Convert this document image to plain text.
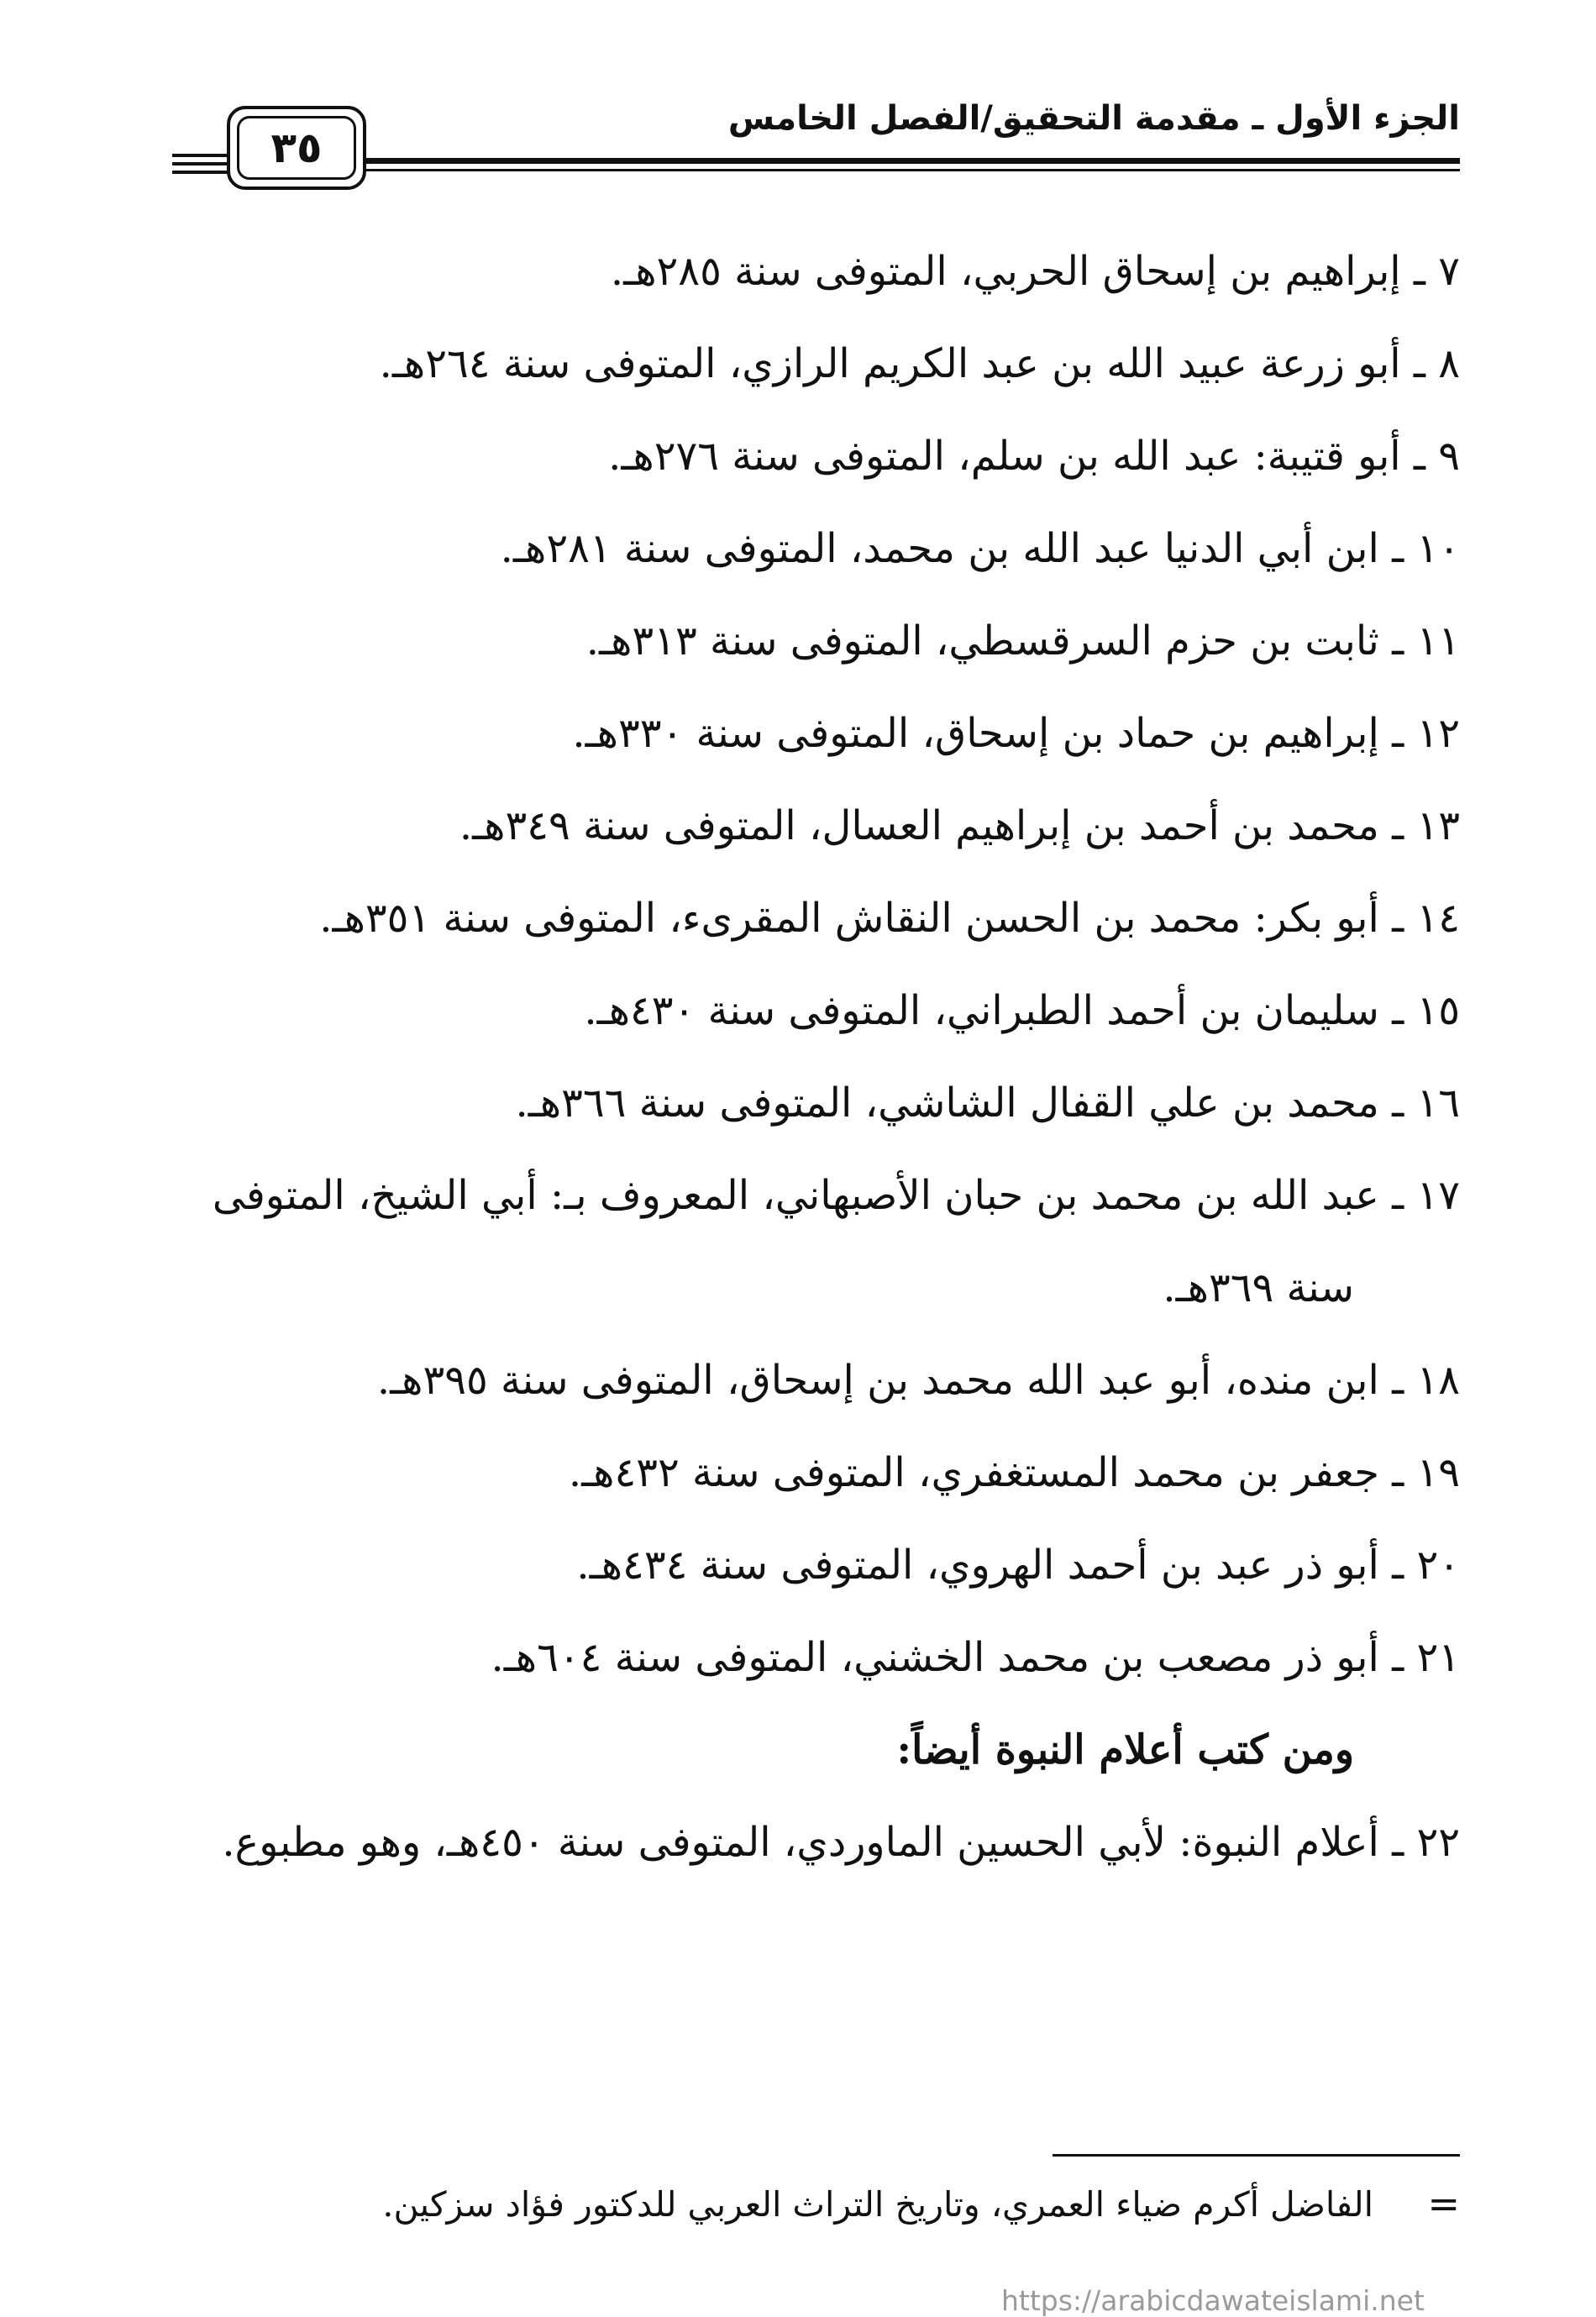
الجزء الأول ـ مقدمة التحقيق/الفصل الخامس
٣٥
٧ ـ إبراهيم بن إسحاق الحربي، المتوفى سنة ٢٨٥هـ.
٨ ـ أبو زرعة عبيد الله بن عبد الكريم الرازي، المتوفى سنة ٢٦٤هـ.
٩ ـ أبو قتيبة: عبد الله بن سلم، المتوفى سنة ٢٧٦هـ.
١٠ ـ ابن أبي الدنيا عبد الله بن محمد، المتوفى سنة ٢٨١هـ.
١١ ـ ثابت بن حزم السرقسطي، المتوفى سنة ٣١٣هـ.
١٢ ـ إبراهيم بن حماد بن إسحاق، المتوفى سنة ٣٣٠هـ.
١٣ ـ محمد بن أحمد بن إبراهيم العسال، المتوفى سنة ٣٤٩هـ.
١٤ ـ أبو بكر: محمد بن الحسن النقاش المقرىء، المتوفى سنة ٣٥١هـ.
١٥ ـ سليمان بن أحمد الطبراني، المتوفى سنة ٤٣٠هـ.
١٦ ـ محمد بن علي القفال الشاشي، المتوفى سنة ٣٦٦هـ.
١٧ ـ عبد الله بن محمد بن حبان الأصبهاني، المعروف بـ: أبي الشيخ، المتوفى سنة ٣٦٩هـ.
١٨ ـ ابن منده، أبو عبد الله محمد بن إسحاق، المتوفى سنة ٣٩٥هـ.
١٩ ـ جعفر بن محمد المستغفري، المتوفى سنة ٤٣٢هـ.
٢٠ ـ أبو ذر عبد بن أحمد الهروي، المتوفى سنة ٤٣٤هـ.
٢١ ـ أبو ذر مصعب بن محمد الخشني، المتوفى سنة ٦٠٤هـ.
ومن كتب أعلام النبوة أيضاً:
٢٢ ـ أعلام النبوة: لأبي الحسين الماوردي، المتوفى سنة ٤٥٠هـ، وهو مطبوع.
=
الفاضل أكرم ضياء العمري، وتاريخ التراث العربي للدكتور فؤاد سزكين.
https://arabicdawateislami.net
